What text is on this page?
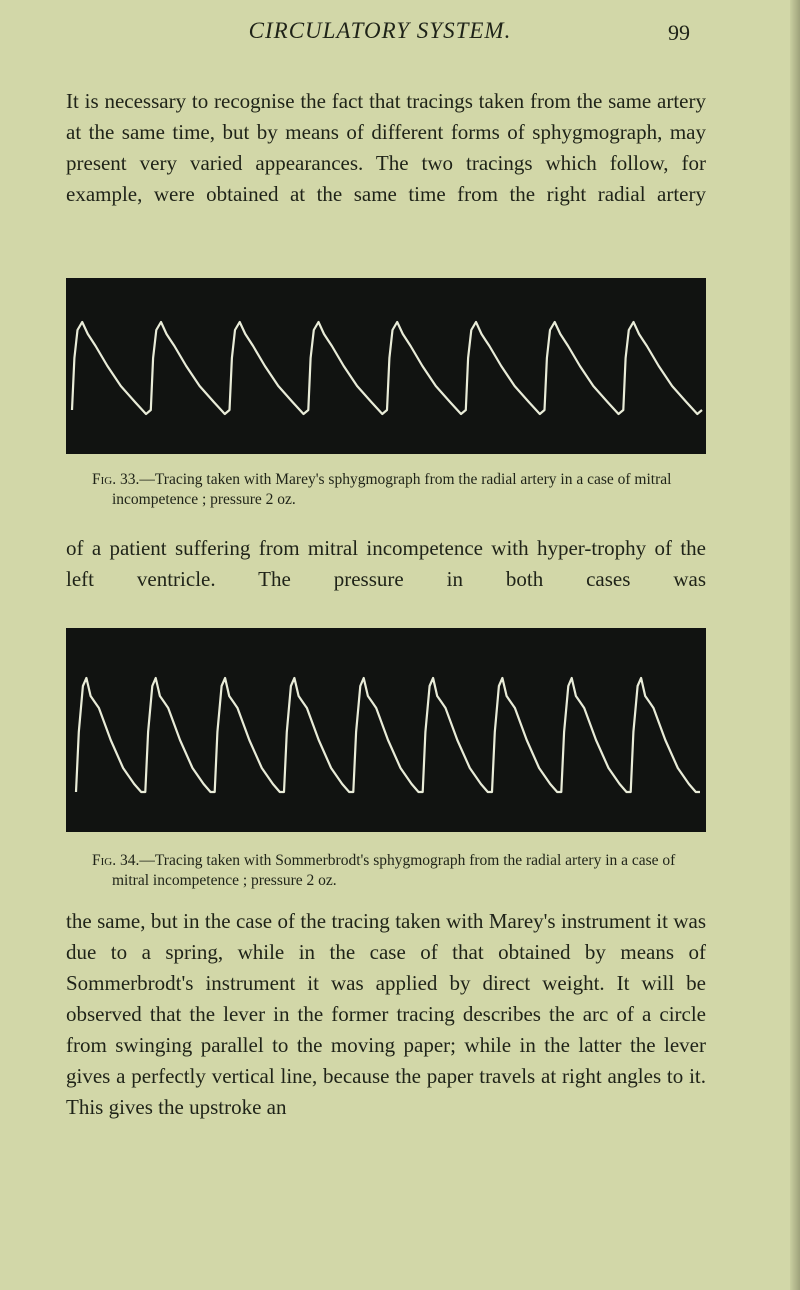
CIRCULATORY SYSTEM.	99

It is necessary to recognise the fact that tracings taken from the same artery at the same time, but by means of different forms of sphygmograph, may present very varied appearances. The two tracings which follow, for example, were obtained at the same time from the right radial artery

Fig. 33.—Tracing taken with Marey's sphygmograph from the radial artery in a case of mitral incompetence ; pressure 2 oz.

of a patient suffering from mitral incompetence with hyper-trophy of the left ventricle. The pressure in both cases was

Fig. 34.—Tracing taken with Sommerbrodt's sphygmograph from the radial artery in a case of mitral incompetence ; pressure 2 oz.

the same, but in the case of the tracing taken with Marey's instrument it was due to a spring, while in the case of that obtained by means of Sommerbrodt's instrument it was applied by direct weight. It will be observed that the lever in the former tracing describes the arc of a circle from swinging parallel to the moving paper; while in the latter the lever gives a perfectly vertical line, because the paper travels at right angles to it. This gives the upstroke an
